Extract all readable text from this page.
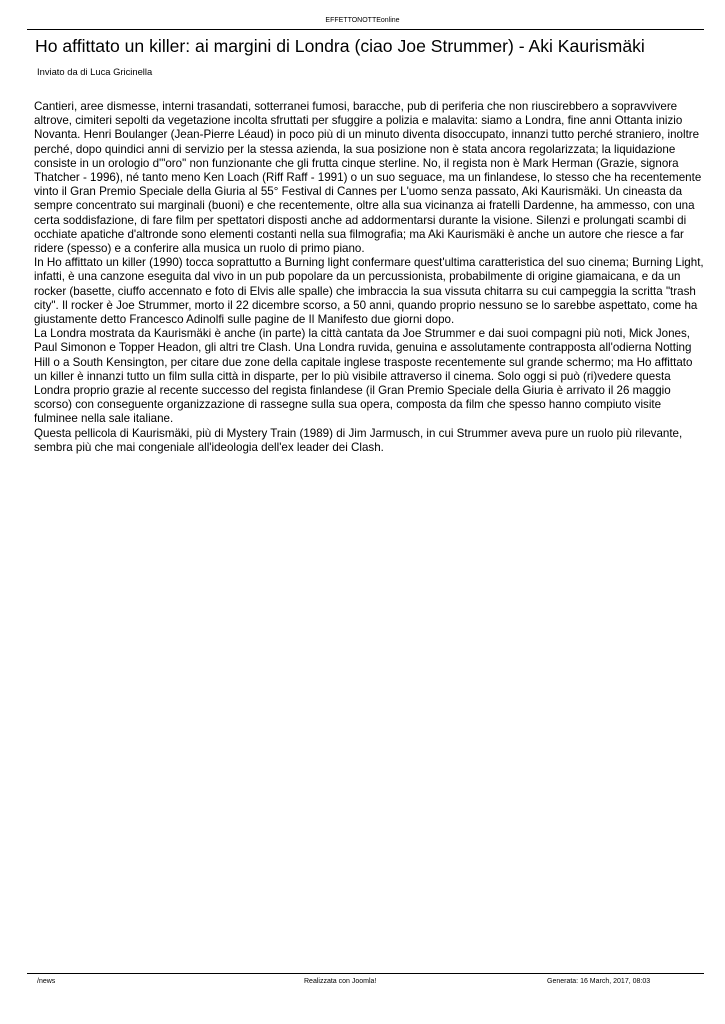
EFFETTONOTTEonline
Ho affittato un killer: ai margini di Londra (ciao Joe Strummer) - Aki Kaurismäki
Inviato da di Luca Gricinella

Cantieri, aree dismesse, interni trasandati, sotterranei fumosi, baracche, pub di periferia che non riuscirebbero a sopravvivere altrove, cimiteri sepolti da vegetazione incolta sfruttati per sfuggire a polizia e malavita: siamo a Londra, fine anni Ottanta inizio Novanta. Henri Boulanger (Jean-Pierre Léaud) in poco più di un minuto diventa disoccupato, innanzi tutto perché straniero, inoltre perché, dopo quindici anni di servizio per la stessa azienda, la sua posizione non è stata ancora regolarizzata; la liquidazione consiste in un orologio d'"oro" non funzionante che gli frutta cinque sterline. No, il regista non è Mark Herman (Grazie, signora Thatcher - 1996), né tanto meno Ken Loach (Riff Raff - 1991) o un suo seguace, ma un finlandese, lo stesso che ha recentemente vinto il Gran Premio Speciale della Giuria al 55° Festival di Cannes per L'uomo senza passato, Aki Kaurismäki. Un cineasta da sempre concentrato sui marginali (buoni) e che recentemente, oltre alla sua vicinanza ai fratelli Dardenne, ha ammesso, con una certa soddisfazione, di fare film per spettatori disposti anche ad addormentarsi durante la visione. Silenzi e prolungati scambi di occhiate apatiche d'altronde sono elementi costanti nella sua filmografia; ma Aki Kaurismäki è anche un autore che riesce a far ridere (spesso) e a conferire alla musica un ruolo di primo piano.

In Ho affittato un killer (1990) tocca soprattutto a Burning light confermare quest'ultima caratteristica del suo cinema; Burning Light, infatti, è una canzone eseguita dal vivo in un pub popolare da un percussionista, probabilmente di origine giamaicana, e da un rocker (basette, ciuffo accennato e foto di Elvis alle spalle) che imbraccia la sua vissuta chitarra su cui campeggia la scritta "trash city". Il rocker è Joe Strummer, morto il 22 dicembre scorso, a 50 anni, quando proprio nessuno se lo sarebbe aspettato, come ha giustamente detto Francesco Adinolfi sulle pagine de Il Manifesto due giorni dopo.

La Londra mostrata da Kaurismäki è anche (in parte) la città cantata da Joe Strummer e dai suoi compagni più noti, Mick Jones, Paul Simonon e Topper Headon, gli altri tre Clash. Una Londra ruvida, genuina e assolutamente contrapposta all'odierna Notting Hill o a South Kensington, per citare due zone della capitale inglese trasposte recentemente sul grande schermo; ma Ho affittato un killer è innanzi tutto un film sulla città in disparte, per lo più visibile attraverso il cinema. Solo oggi si può (ri)vedere questa Londra proprio grazie al recente successo del regista finlandese (il Gran Premio Speciale della Giuria è arrivato il 26 maggio scorso) con conseguente organizzazione di rassegne sulla sua opera, composta da film che spesso hanno compiuto visite fulminee nella sale italiane.

Questa pellicola di Kaurismäki, più di Mystery Train (1989) di Jim Jarmusch, in cui Strummer aveva pure un ruolo più rilevante, sembra più che mai congeniale all'ideologia dell'ex leader dei Clash.

/news	Realizzata con Joomla!	Generata: 16 March, 2017, 08:03
